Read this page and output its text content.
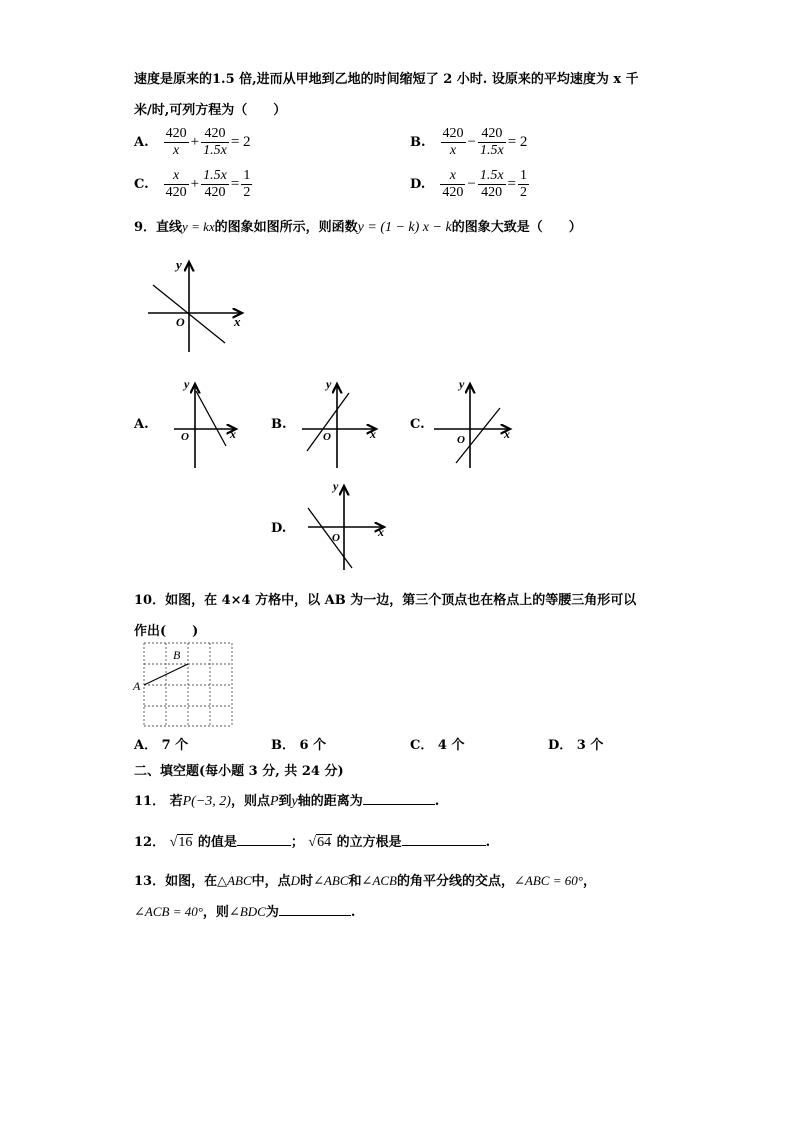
速度是原来的1.5 倍,进而从甲地到乙地的时间缩短了 2 小时. 设原来的平均速度为 x 千
米/时,可列方程为（　　）
A. $\frac{420}{x} + \frac{420}{1.5x} = 2$	B. $\frac{420}{x} - \frac{420}{1.5x} = 2$
C. $\frac{x}{420} + \frac{1.5x}{420} = \frac{1}{2}$	D. $\frac{x}{420} - \frac{1.5x}{420} = \frac{1}{2}$
9．直线y = kx的图象如图所示，则函数y = (1 − k) x − k的图象大致是（　　）
y
x
O
A.
y
x
O
B.
y
x
O
C.
y
x
O
D.
y
x
O
10．如图，在 4×4 方格中，以 AB 为一边，第三个顶点也在格点上的等腰三角形可以
作出(　　)
A
B
A． 7 个	B． 6 个	C． 4 个	D． 3 个
二、填空题(每小题 3 分, 共 24 分)
11． 若P(−3, 2)，则点P到y轴的距离为	.
12． √16 的值是	； √64 的立方根是	.
13．如图，在△ABC中，点D时∠ABC和∠ACB的角平分线的交点，∠ABC = 60°，
∠ACB = 40°，则∠BDC为	.
